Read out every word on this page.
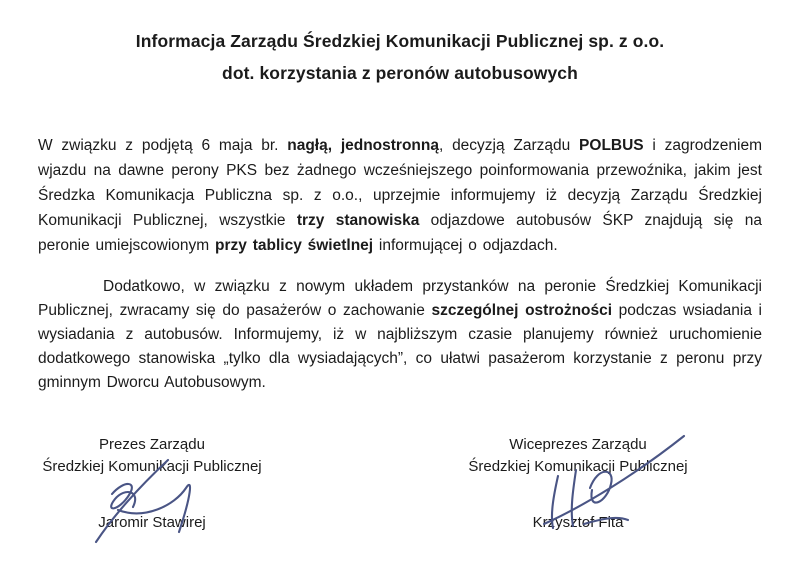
Informacja Zarządu Średzkiej Komunikacji Publicznej sp. z o.o.
dot. korzystania z peronów autobusowych

W związku z podjętą 6 maja br. nagłą, jednostronną, decyzją Zarządu POLBUS i zagrodzeniem wjazdu na dawne perony PKS bez żadnego wcześniejszego poinformowania przewoźnika, jakim jest Średzka Komunikacja Publiczna sp. z o.o., uprzejmie informujemy iż decyzją Zarządu Średzkiej Komunikacji Publicznej, wszystkie trzy stanowiska odjazdowe autobusów ŚKP znajdują się na peronie umiejscowionym przy tablicy świetlnej informującej o odjazdach.

Dodatkowo, w związku z nowym układem przystanków na peronie Średzkiej Komunikacji Publicznej, zwracamy się do pasażerów o zachowanie szczególnej ostrożności podczas wsiadania i wysiadania z autobusów. Informujemy, iż w najbliższym czasie planujemy również uruchomienie dodatkowego stanowiska „tylko dla wysiadających”, co ułatwi pasażerom korzystanie z peronu przy gminnym Dworcu Autobusowym.

Prezes Zarządu
Średzkiej Komunikacji Publicznej
Jaromir Stawirej
Wiceprezes Zarządu
Średzkiej Komunikacji Publicznej
Krzysztof Fita
